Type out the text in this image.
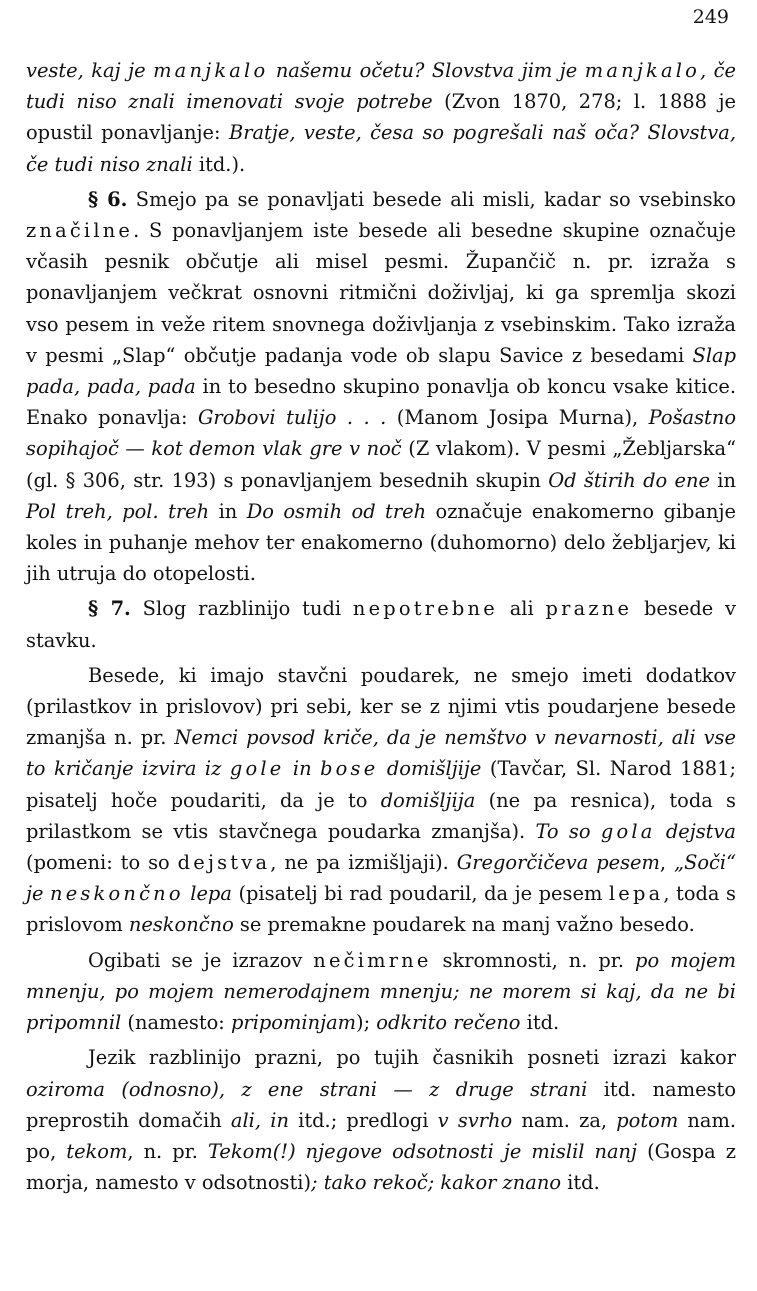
249

veste, kaj je manjkalo našemu očetu? Slovstva jim je manjkalo, če tudi niso znali imenovati svoje potrebe (Zvon 1870, 278; l. 1888 je opustil ponavljanje: Bratje, veste, česa so pogrešali naš oča? Slovstva, če tudi niso znali itd.).

§ 6. Smejo pa se ponavljati besede ali misli, kadar so vsebinsko značilne. S ponavljanjem iste besede ali besedne skupine označuje včasih pesnik občutje ali misel pesmi. Župančič n. pr. izraža s ponavljanjem večkrat osnovni ritmični doživljaj, ki ga spremlja skozi vso pesem in veže ritem snovnega doživljanja z vsebinskim. Tako izraža v pesmi „Slap“ občutje padanja vode ob slapu Savice z besedami Slap pada, pada, pada in to besedno skupino ponavlja ob koncu vsake kitice. Enako ponavlja: Grobovi tulijo . . . (Manom Josipa Murna), Pošastno sopihajoč — kot demon vlak gre v noč (Z vlakom). V pesmi „Žebljarska“ (gl. § 306, str. 193) s ponavljanjem besednih skupin Od štirih do ene in Pol treh, pol. treh in Do osmih od treh označuje enakomerno gibanje koles in puhanje mehov ter enakomerno (duhomorno) delo žebljarjev, ki jih utruja do otopelosti.

§ 7. Slog razblinijo tudi nepotrebne ali prazne besede v stavku.

Besede, ki imajo stavčni poudarek, ne smejo imeti dodatkov (prilastkov in prislovov) pri sebi, ker se z njimi vtis poudarjene besede zmanjša n. pr. Nemci povsod kriče, da je nemštvo v nevarnosti, ali vse to kričanje izvira iz gole in bose domišljije (Tavčar, Sl. Narod 1881; pisatelj hoče poudariti, da je to domišljija (ne pa resnica), toda s prilastkom se vtis stavčnega poudarka zmanjša). To so gola dejstva (pomeni: to so dejstva, ne pa izmišljaji). Gregorčičeva pesem, „Soči“ je neskončno lepa (pisatelj bi rad poudaril, da je pesem lepa, toda s prislovom neskončno se premakne poudarek na manj važno besedo.

Ogibati se je izrazov nečimrne skromnosti, n. pr. po mojem mnenju, po mojem nemerodajnem mnenju; ne morem si kaj, da ne bi pripomnil (namesto: pripominjam); odkrito rečeno itd.

Jezik razblinijo prazni, po tujih časnikih posneti izrazi kakor oziroma (odnosno), z ene strani — z druge strani itd. namesto preprostih domačih ali, in itd.; predlogi v svrho nam. za, potom nam. po, tekom, n. pr. Tekom(!) njegove odsotnosti je mislil nanj (Gospa z morja, namesto v odsotnosti); tako rekoč; kakor znano itd.
